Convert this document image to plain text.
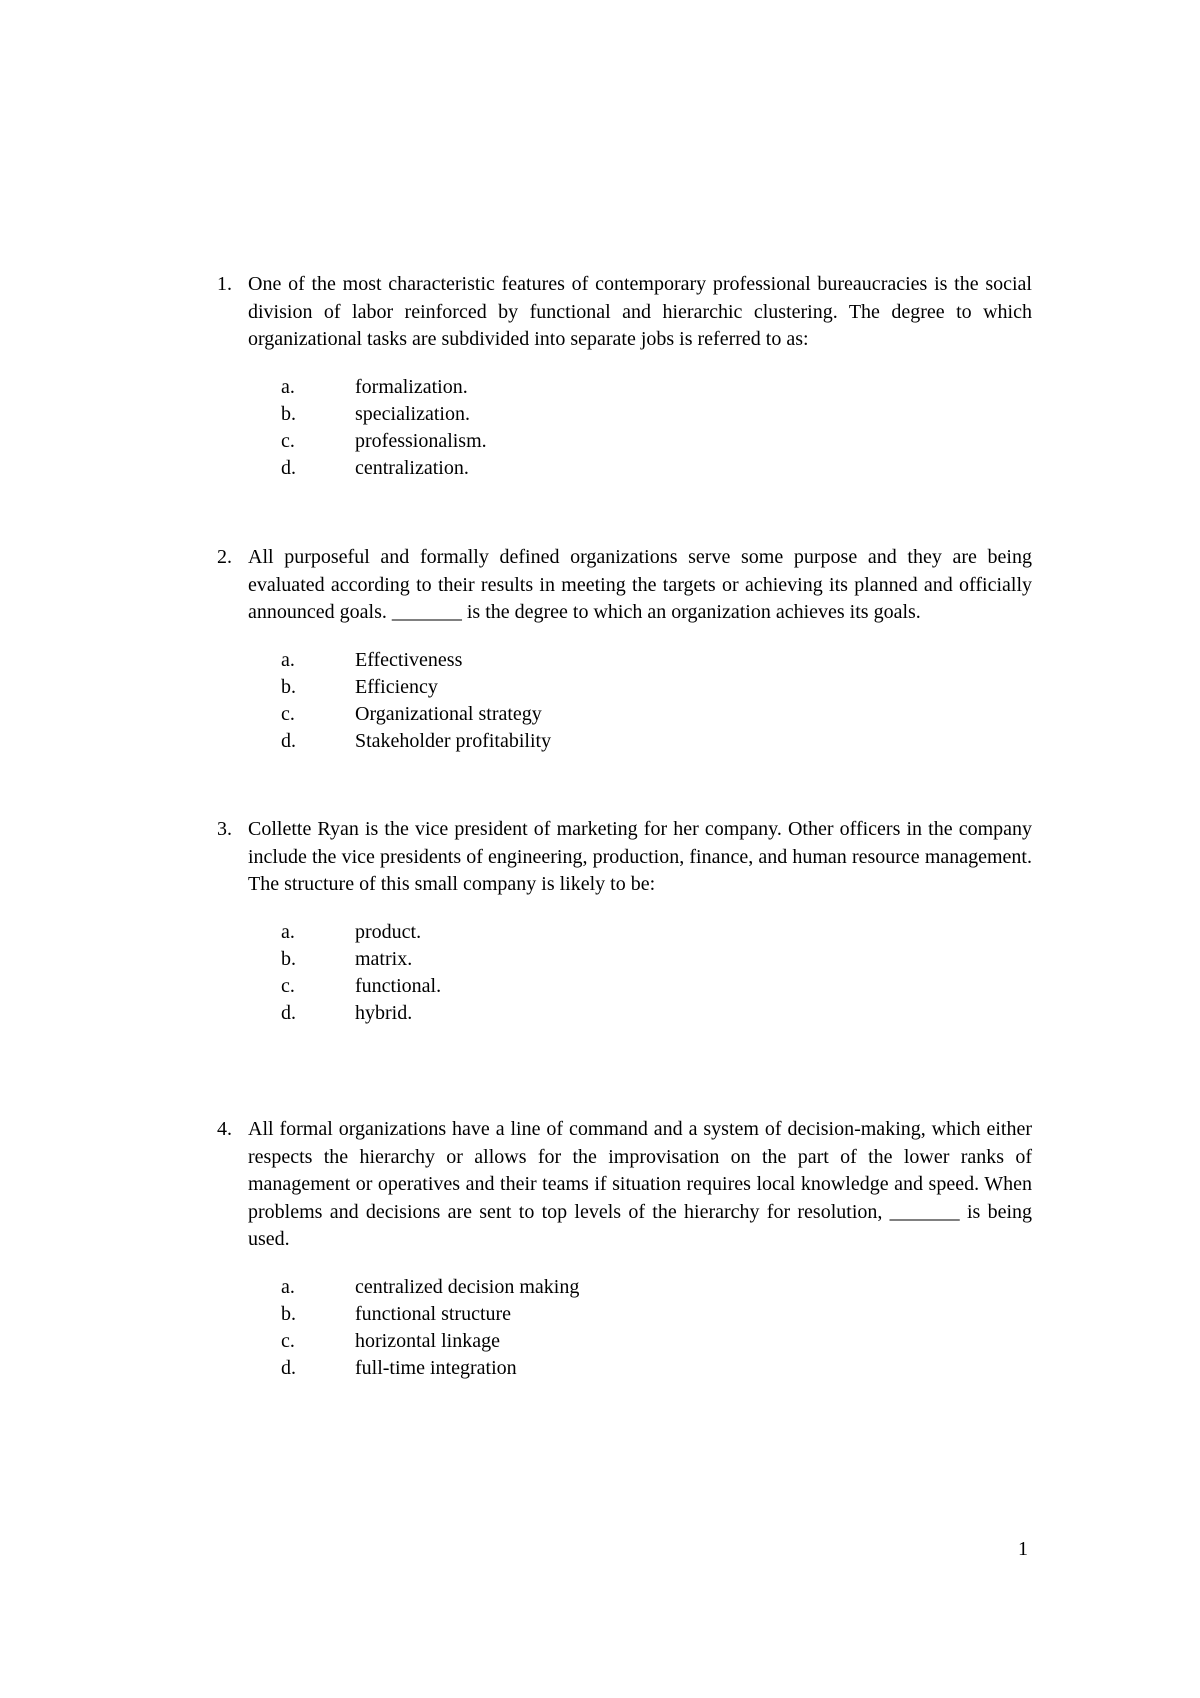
1. One of the most characteristic features of contemporary professional bureaucracies is the social division of labor reinforced by functional and hierarchic clustering. The degree to which organizational tasks are subdivided into separate jobs is referred to as:
a.	formalization.
b.	specialization.
c.	professionalism.
d.	centralization.
2. All purposeful and formally defined organizations serve some purpose and they are being evaluated according to their results in meeting the targets or achieving its planned and officially announced goals. _______ is the degree to which an organization achieves its goals.
a.	Effectiveness
b.	Efficiency
c.	Organizational strategy
d.	Stakeholder profitability
3. Collette Ryan is the vice president of marketing for her company. Other officers in the company include the vice presidents of engineering, production, finance, and human resource management. The structure of this small company is likely to be:
a.	product.
b.	matrix.
c.	functional.
d.	hybrid.
4. All formal organizations have a line of command and a system of decision-making, which either respects the hierarchy or allows for the improvisation on the part of the lower ranks of management or operatives and their teams if situation requires local knowledge and speed. When problems and decisions are sent to top levels of the hierarchy for resolution, _______ is being used.
a.	centralized decision making
b.	functional structure
c.	horizontal linkage
d.	full-time integration
1
